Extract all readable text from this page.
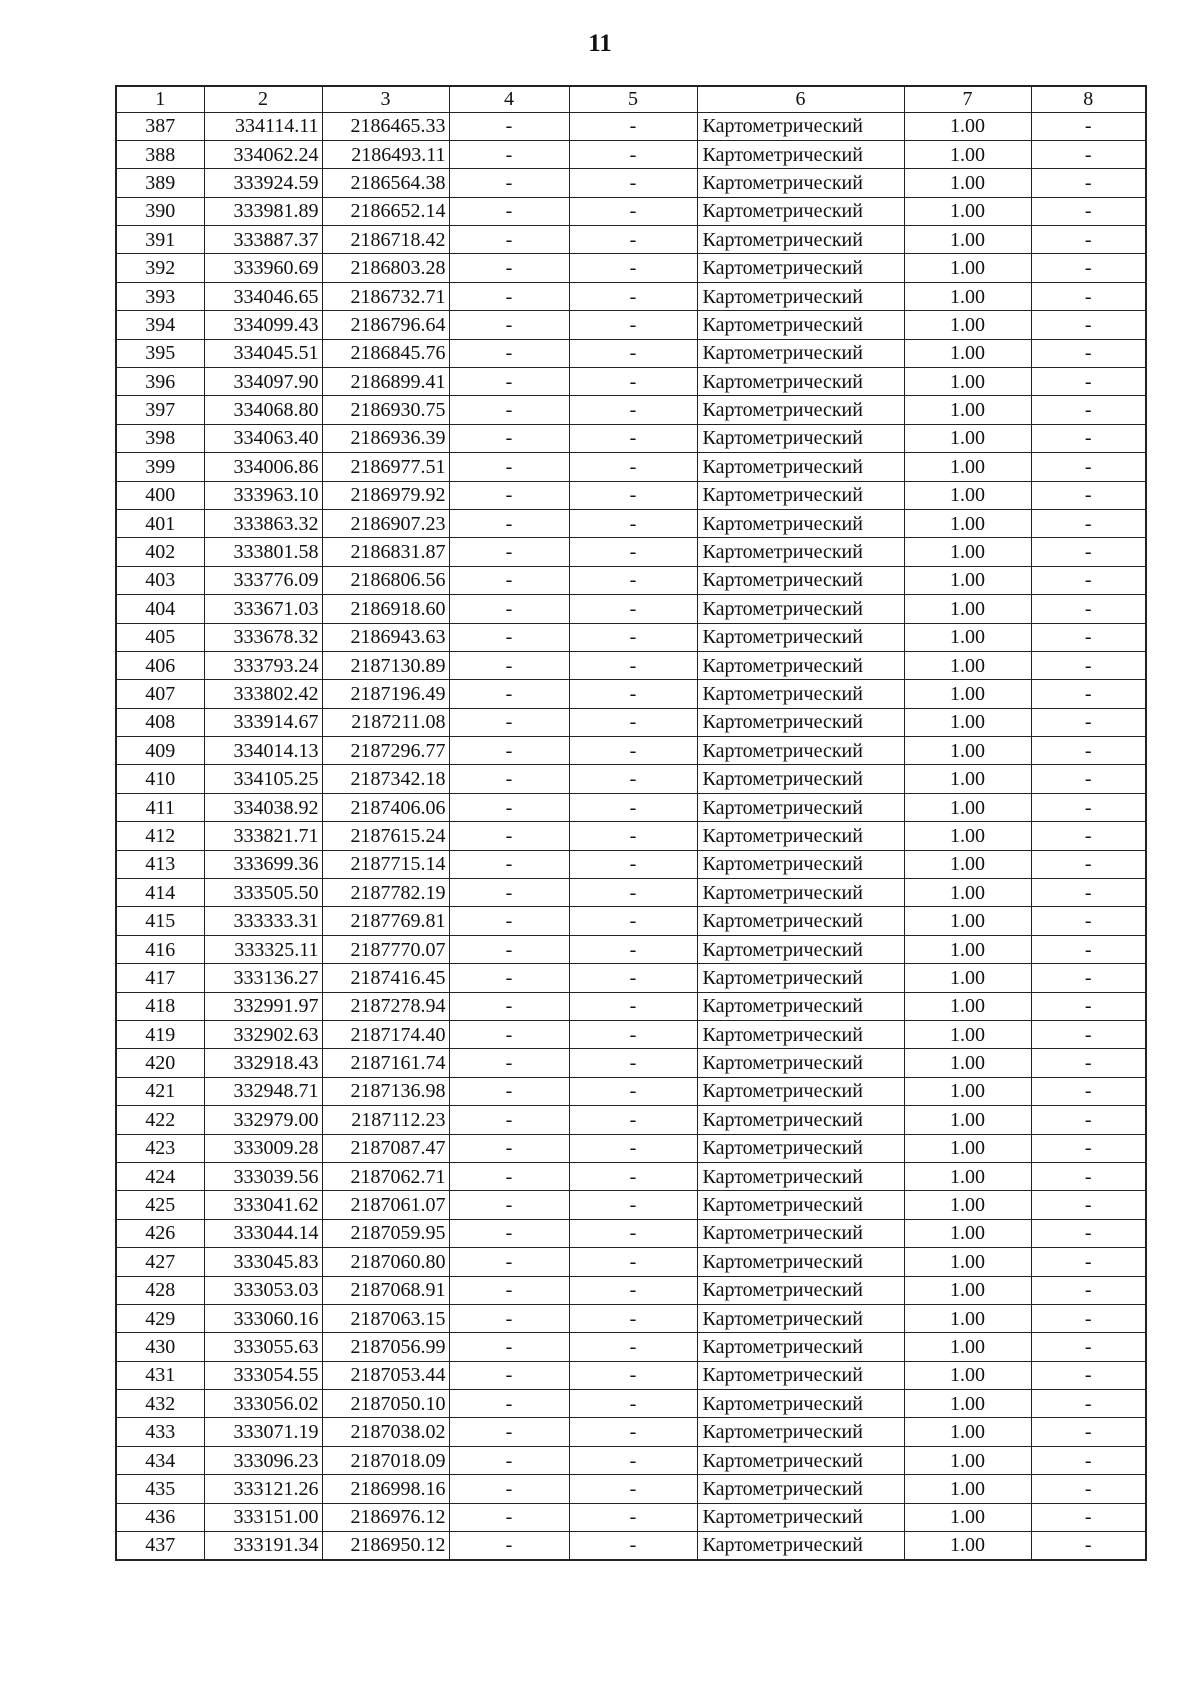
11
1	2	3	4	5	6	7	8
387	334114.11	2186465.33	-	-	Картометрический	1.00	-
388	334062.24	2186493.11	-	-	Картометрический	1.00	-
389	333924.59	2186564.38	-	-	Картометрический	1.00	-
390	333981.89	2186652.14	-	-	Картометрический	1.00	-
391	333887.37	2186718.42	-	-	Картометрический	1.00	-
392	333960.69	2186803.28	-	-	Картометрический	1.00	-
393	334046.65	2186732.71	-	-	Картометрический	1.00	-
394	334099.43	2186796.64	-	-	Картометрический	1.00	-
395	334045.51	2186845.76	-	-	Картометрический	1.00	-
396	334097.90	2186899.41	-	-	Картометрический	1.00	-
397	334068.80	2186930.75	-	-	Картометрический	1.00	-
398	334063.40	2186936.39	-	-	Картометрический	1.00	-
399	334006.86	2186977.51	-	-	Картометрический	1.00	-
400	333963.10	2186979.92	-	-	Картометрический	1.00	-
401	333863.32	2186907.23	-	-	Картометрический	1.00	-
402	333801.58	2186831.87	-	-	Картометрический	1.00	-
403	333776.09	2186806.56	-	-	Картометрический	1.00	-
404	333671.03	2186918.60	-	-	Картометрический	1.00	-
405	333678.32	2186943.63	-	-	Картометрический	1.00	-
406	333793.24	2187130.89	-	-	Картометрический	1.00	-
407	333802.42	2187196.49	-	-	Картометрический	1.00	-
408	333914.67	2187211.08	-	-	Картометрический	1.00	-
409	334014.13	2187296.77	-	-	Картометрический	1.00	-
410	334105.25	2187342.18	-	-	Картометрический	1.00	-
411	334038.92	2187406.06	-	-	Картометрический	1.00	-
412	333821.71	2187615.24	-	-	Картометрический	1.00	-
413	333699.36	2187715.14	-	-	Картометрический	1.00	-
414	333505.50	2187782.19	-	-	Картометрический	1.00	-
415	333333.31	2187769.81	-	-	Картометрический	1.00	-
416	333325.11	2187770.07	-	-	Картометрический	1.00	-
417	333136.27	2187416.45	-	-	Картометрический	1.00	-
418	332991.97	2187278.94	-	-	Картометрический	1.00	-
419	332902.63	2187174.40	-	-	Картометрический	1.00	-
420	332918.43	2187161.74	-	-	Картометрический	1.00	-
421	332948.71	2187136.98	-	-	Картометрический	1.00	-
422	332979.00	2187112.23	-	-	Картометрический	1.00	-
423	333009.28	2187087.47	-	-	Картометрический	1.00	-
424	333039.56	2187062.71	-	-	Картометрический	1.00	-
425	333041.62	2187061.07	-	-	Картометрический	1.00	-
426	333044.14	2187059.95	-	-	Картометрический	1.00	-
427	333045.83	2187060.80	-	-	Картометрический	1.00	-
428	333053.03	2187068.91	-	-	Картометрический	1.00	-
429	333060.16	2187063.15	-	-	Картометрический	1.00	-
430	333055.63	2187056.99	-	-	Картометрический	1.00	-
431	333054.55	2187053.44	-	-	Картометрический	1.00	-
432	333056.02	2187050.10	-	-	Картометрический	1.00	-
433	333071.19	2187038.02	-	-	Картометрический	1.00	-
434	333096.23	2187018.09	-	-	Картометрический	1.00	-
435	333121.26	2186998.16	-	-	Картометрический	1.00	-
436	333151.00	2186976.12	-	-	Картометрический	1.00	-
437	333191.34	2186950.12	-	-	Картометрический	1.00	-
